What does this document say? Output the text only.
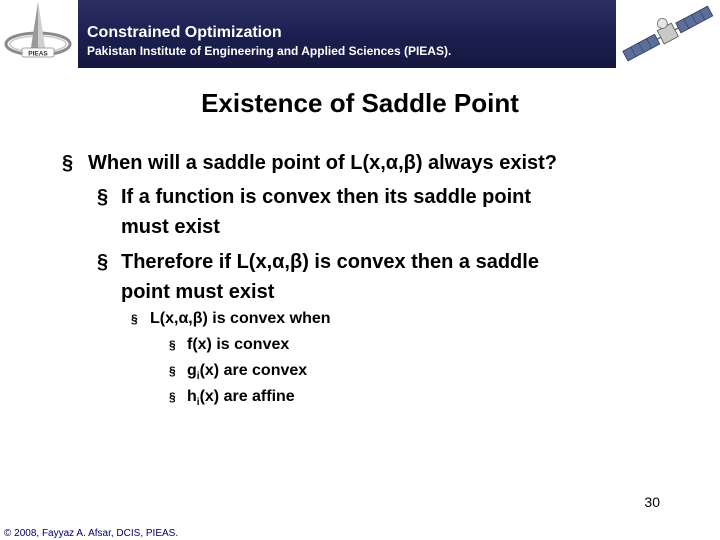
PIEAS
Constrained Optimization
Pakistan Institute of Engineering and Applied Sciences (PIEAS).
Existence of Saddle Point
§ When will a saddle point of L(x,α,β) always exist?
§ If a function is convex then its saddle point
must exist
§ Therefore if L(x,α,β) is convex then a saddle
point must exist
§ L(x,α,β) is convex when
§ f(x) is convex
§ $g_i(x)$ are convex
§ $h_i(x)$ are affine
30
© 2008, Fayyaz A. Afsar, DCIS, PIEAS.
